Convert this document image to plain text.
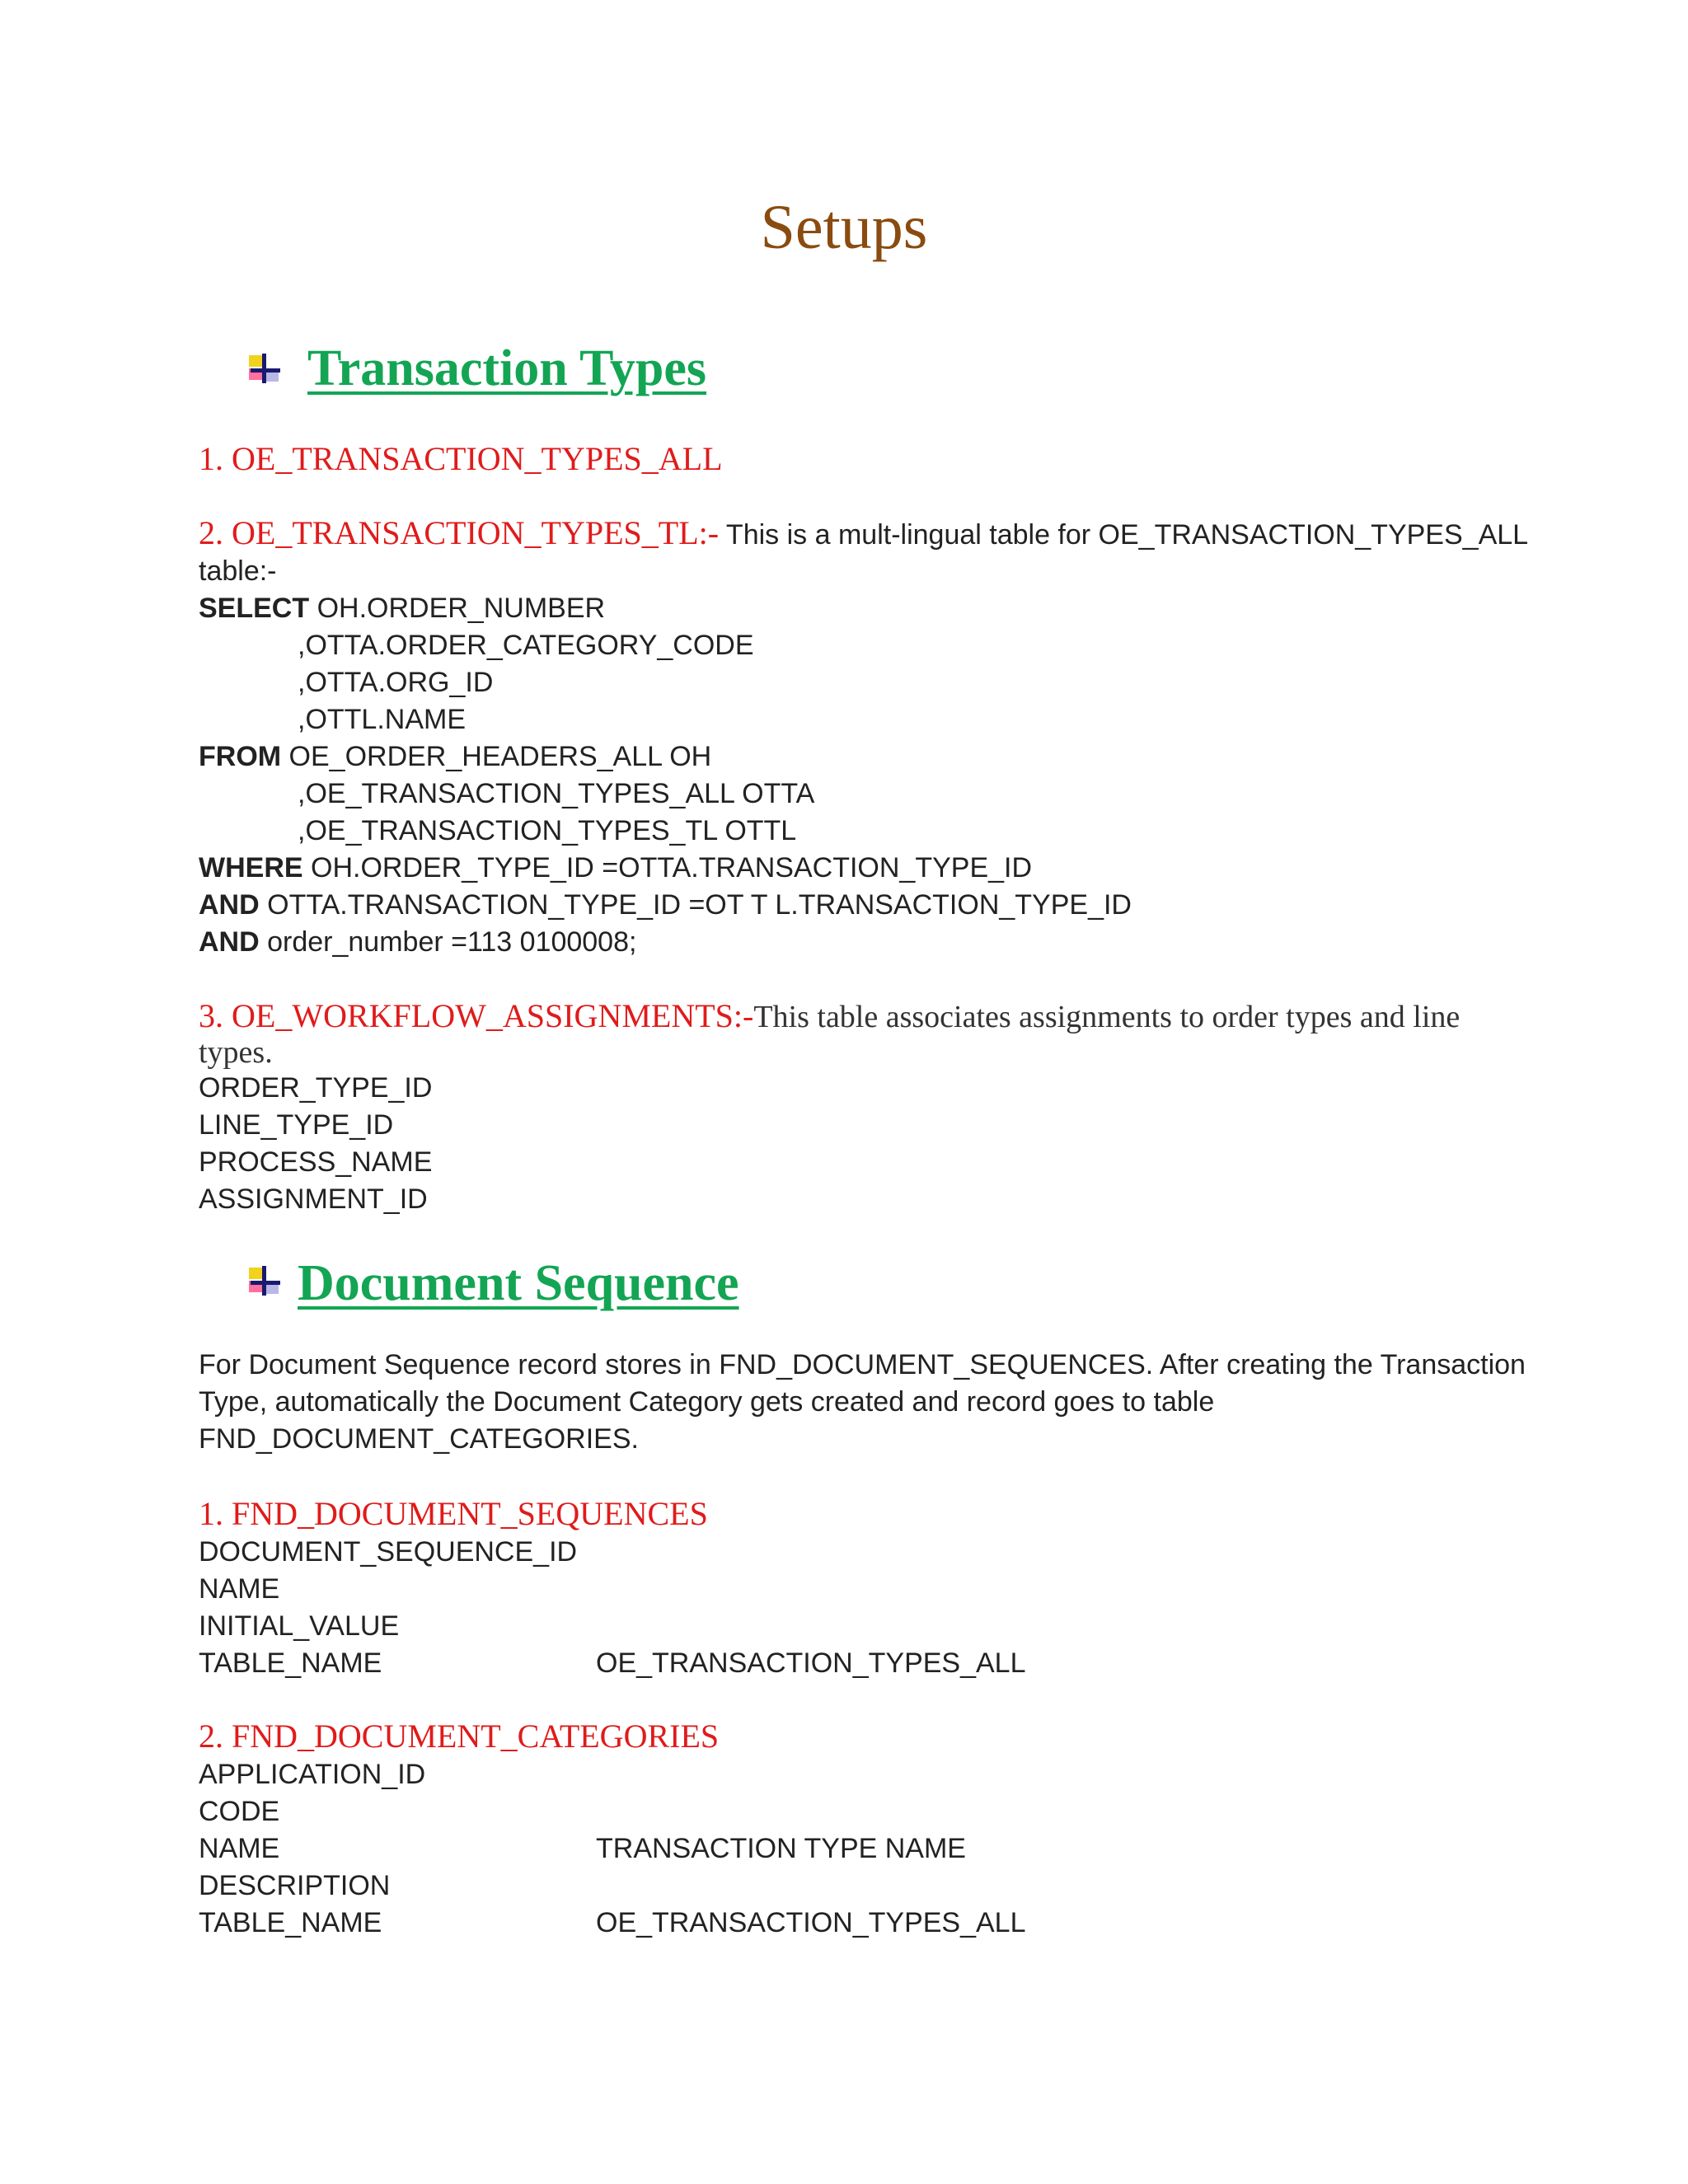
Setups
Transaction Types
1. OE_TRANSACTION_TYPES_ALL
2. OE_TRANSACTION_TYPES_TL:- This is a mult-lingual table for OE_TRANSACTION_TYPES_ALL
table:-
SELECT OH.ORDER_NUMBER
,OTTA.ORDER_CATEGORY_CODE
,OTTA.ORG_ID
,OTTL.NAME
FROM OE_ORDER_HEADERS_ALL OH
,OE_TRANSACTION_TYPES_ALL OTTA
,OE_TRANSACTION_TYPES_TL OTTL
WHERE OH.ORDER_TYPE_ID =OTTA.TRANSACTION_TYPE_ID
AND OTTA.TRANSACTION_TYPE_ID =OT T L.TRANSACTION_TYPE_ID
AND order_number =113 0100008;
3. OE_WORKFLOW_ASSIGNMENTS:-This table associates assignments to order types and line
types.
ORDER_TYPE_ID
LINE_TYPE_ID
PROCESS_NAME
ASSIGNMENT_ID
Document Sequence
For Document Sequence record stores in FND_DOCUMENT_SEQUENCES. After creating the Transaction
Type, automatically the Document Category gets created and record goes to table
FND_DOCUMENT_CATEGORIES.
1. FND_DOCUMENT_SEQUENCES
DOCUMENT_SEQUENCE_ID
NAME
INITIAL_VALUE
TABLE_NAME	OE_TRANSACTION_TYPES_ALL
2. FND_DOCUMENT_CATEGORIES
APPLICATION_ID
CODE
NAME	TRANSACTION TYPE NAME
DESCRIPTION
TABLE_NAME	OE_TRANSACTION_TYPES_ALL
